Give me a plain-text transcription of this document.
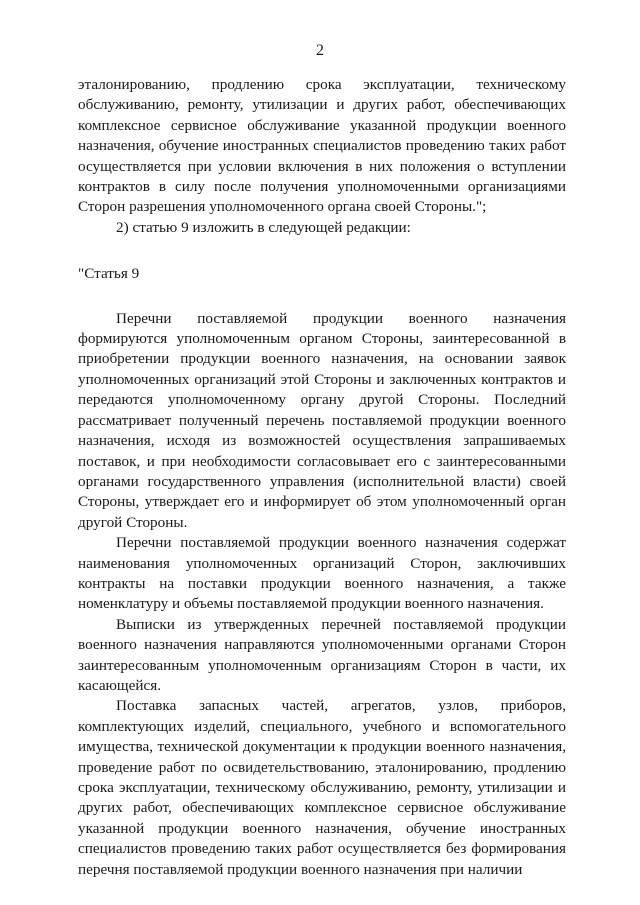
2

эталонированию, продлению срока эксплуатации, техническому обслуживанию, ремонту, утилизации и других работ, обеспечивающих комплексное сервисное обслуживание указанной продукции военного назначения, обучение иностранных специалистов проведению таких работ осуществляется при условии включения в них положения о вступлении контрактов в силу после получения уполномоченными организациями Сторон разрешения уполномоченного органа своей Стороны.";

2) статью 9 изложить в следующей редакции:

"Статья 9

Перечни поставляемой продукции военного назначения формируются уполномоченным органом Стороны, заинтересованной в приобретении продукции военного назначения, на основании заявок уполномоченных организаций этой Стороны и заключенных контрактов и передаются уполномоченному органу другой Стороны. Последний рассматривает полученный перечень поставляемой продукции военного назначения, исходя из возможностей осуществления запрашиваемых поставок, и при необходимости согласовывает его с заинтересованными органами государственного управления (исполнительной власти) своей Стороны, утверждает его и информирует об этом уполномоченный орган другой Стороны.

Перечни поставляемой продукции военного назначения содержат наименования уполномоченных организаций Сторон, заключивших контракты на поставки продукции военного назначения, а также номенклатуру и объемы поставляемой продукции военного назначения.

Выписки из утвержденных перечней поставляемой продукции военного назначения направляются уполномоченными органами Сторон заинтересованным уполномоченным организациям Сторон в части, их касающейся.

Поставка запасных частей, агрегатов, узлов, приборов, комплектующих изделий, специального, учебного и вспомогательного имущества, технической документации к продукции военного назначения, проведение работ по освидетельствованию, эталонированию, продлению срока эксплуатации, техническому обслуживанию, ремонту, утилизации и других работ, обеспечивающих комплексное сервисное обслуживание указанной продукции военного назначения, обучение иностранных специалистов проведению таких работ осуществляется без формирования перечня поставляемой продукции военного назначения при наличии
